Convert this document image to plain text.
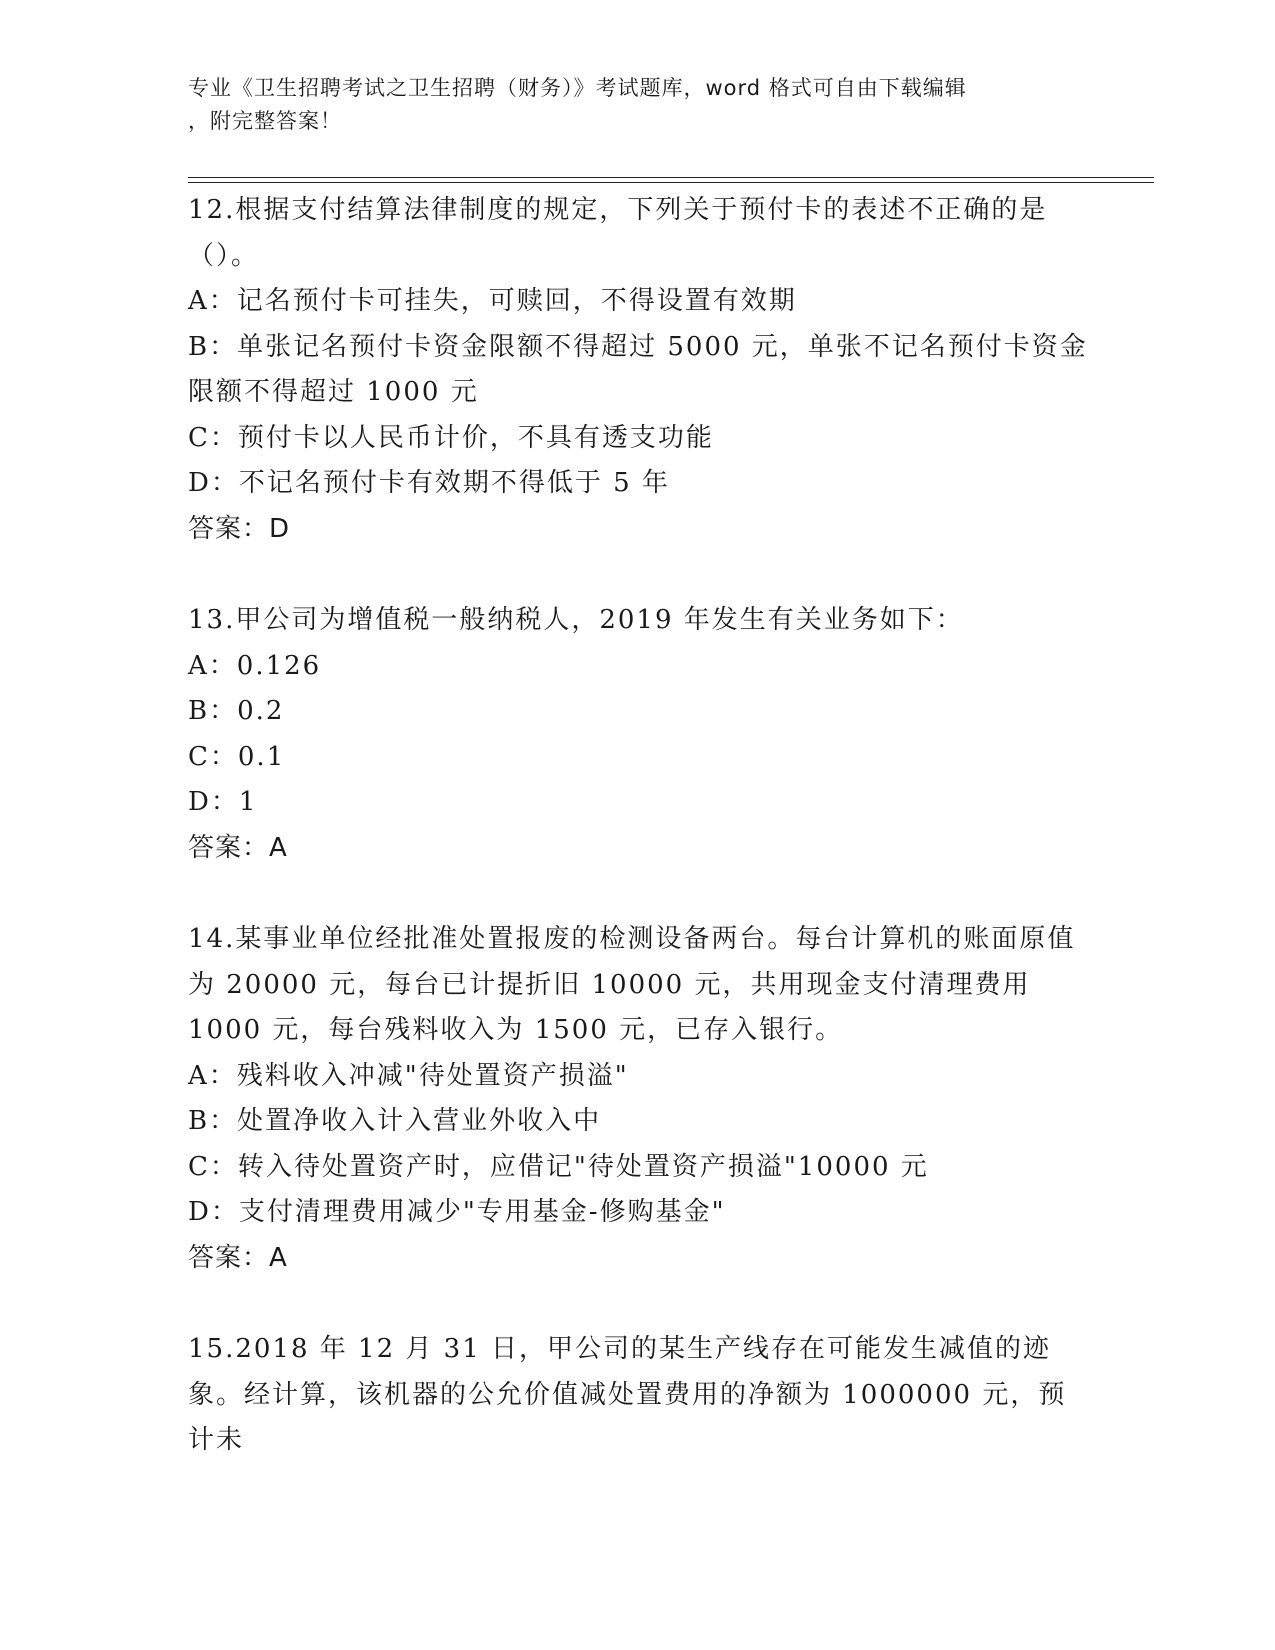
专业《卫生招聘考试之卫生招聘（财务）》考试题库，word 格式可自由下载编辑
，附完整答案！

12.根据支付结算法律制度的规定，下列关于预付卡的表述不正确的是（）。

A：记名预付卡可挂失，可赎回，不得设置有效期

B：单张记名预付卡资金限额不得超过 5000 元，单张不记名预付卡资金限额不得超过 1000 元

C：预付卡以人民币计价，不具有透支功能

D：不记名预付卡有效期不得低于 5 年

答案：D

13.甲公司为增值税一般纳税人，2019 年发生有关业务如下：

A：0.126

B：0.2

C：0.1

D：1

答案：A

14.某事业单位经批准处置报废的检测设备两台。每台计算机的账面原值为 20000 元，每台已计提折旧 10000 元，共用现金支付清理费用 1000 元，每台残料收入为 1500 元，已存入银行。

A：残料收入冲减"待处置资产损溢"

B：处置净收入计入营业外收入中

C：转入待处置资产时，应借记"待处置资产损溢"10000 元

D：支付清理费用减少"专用基金-修购基金"

答案：A

15.2018 年 12 月 31 日，甲公司的某生产线存在可能发生减值的迹象。经计算，该机器的公允价值减处置费用的净额为 1000000 元，预计未
